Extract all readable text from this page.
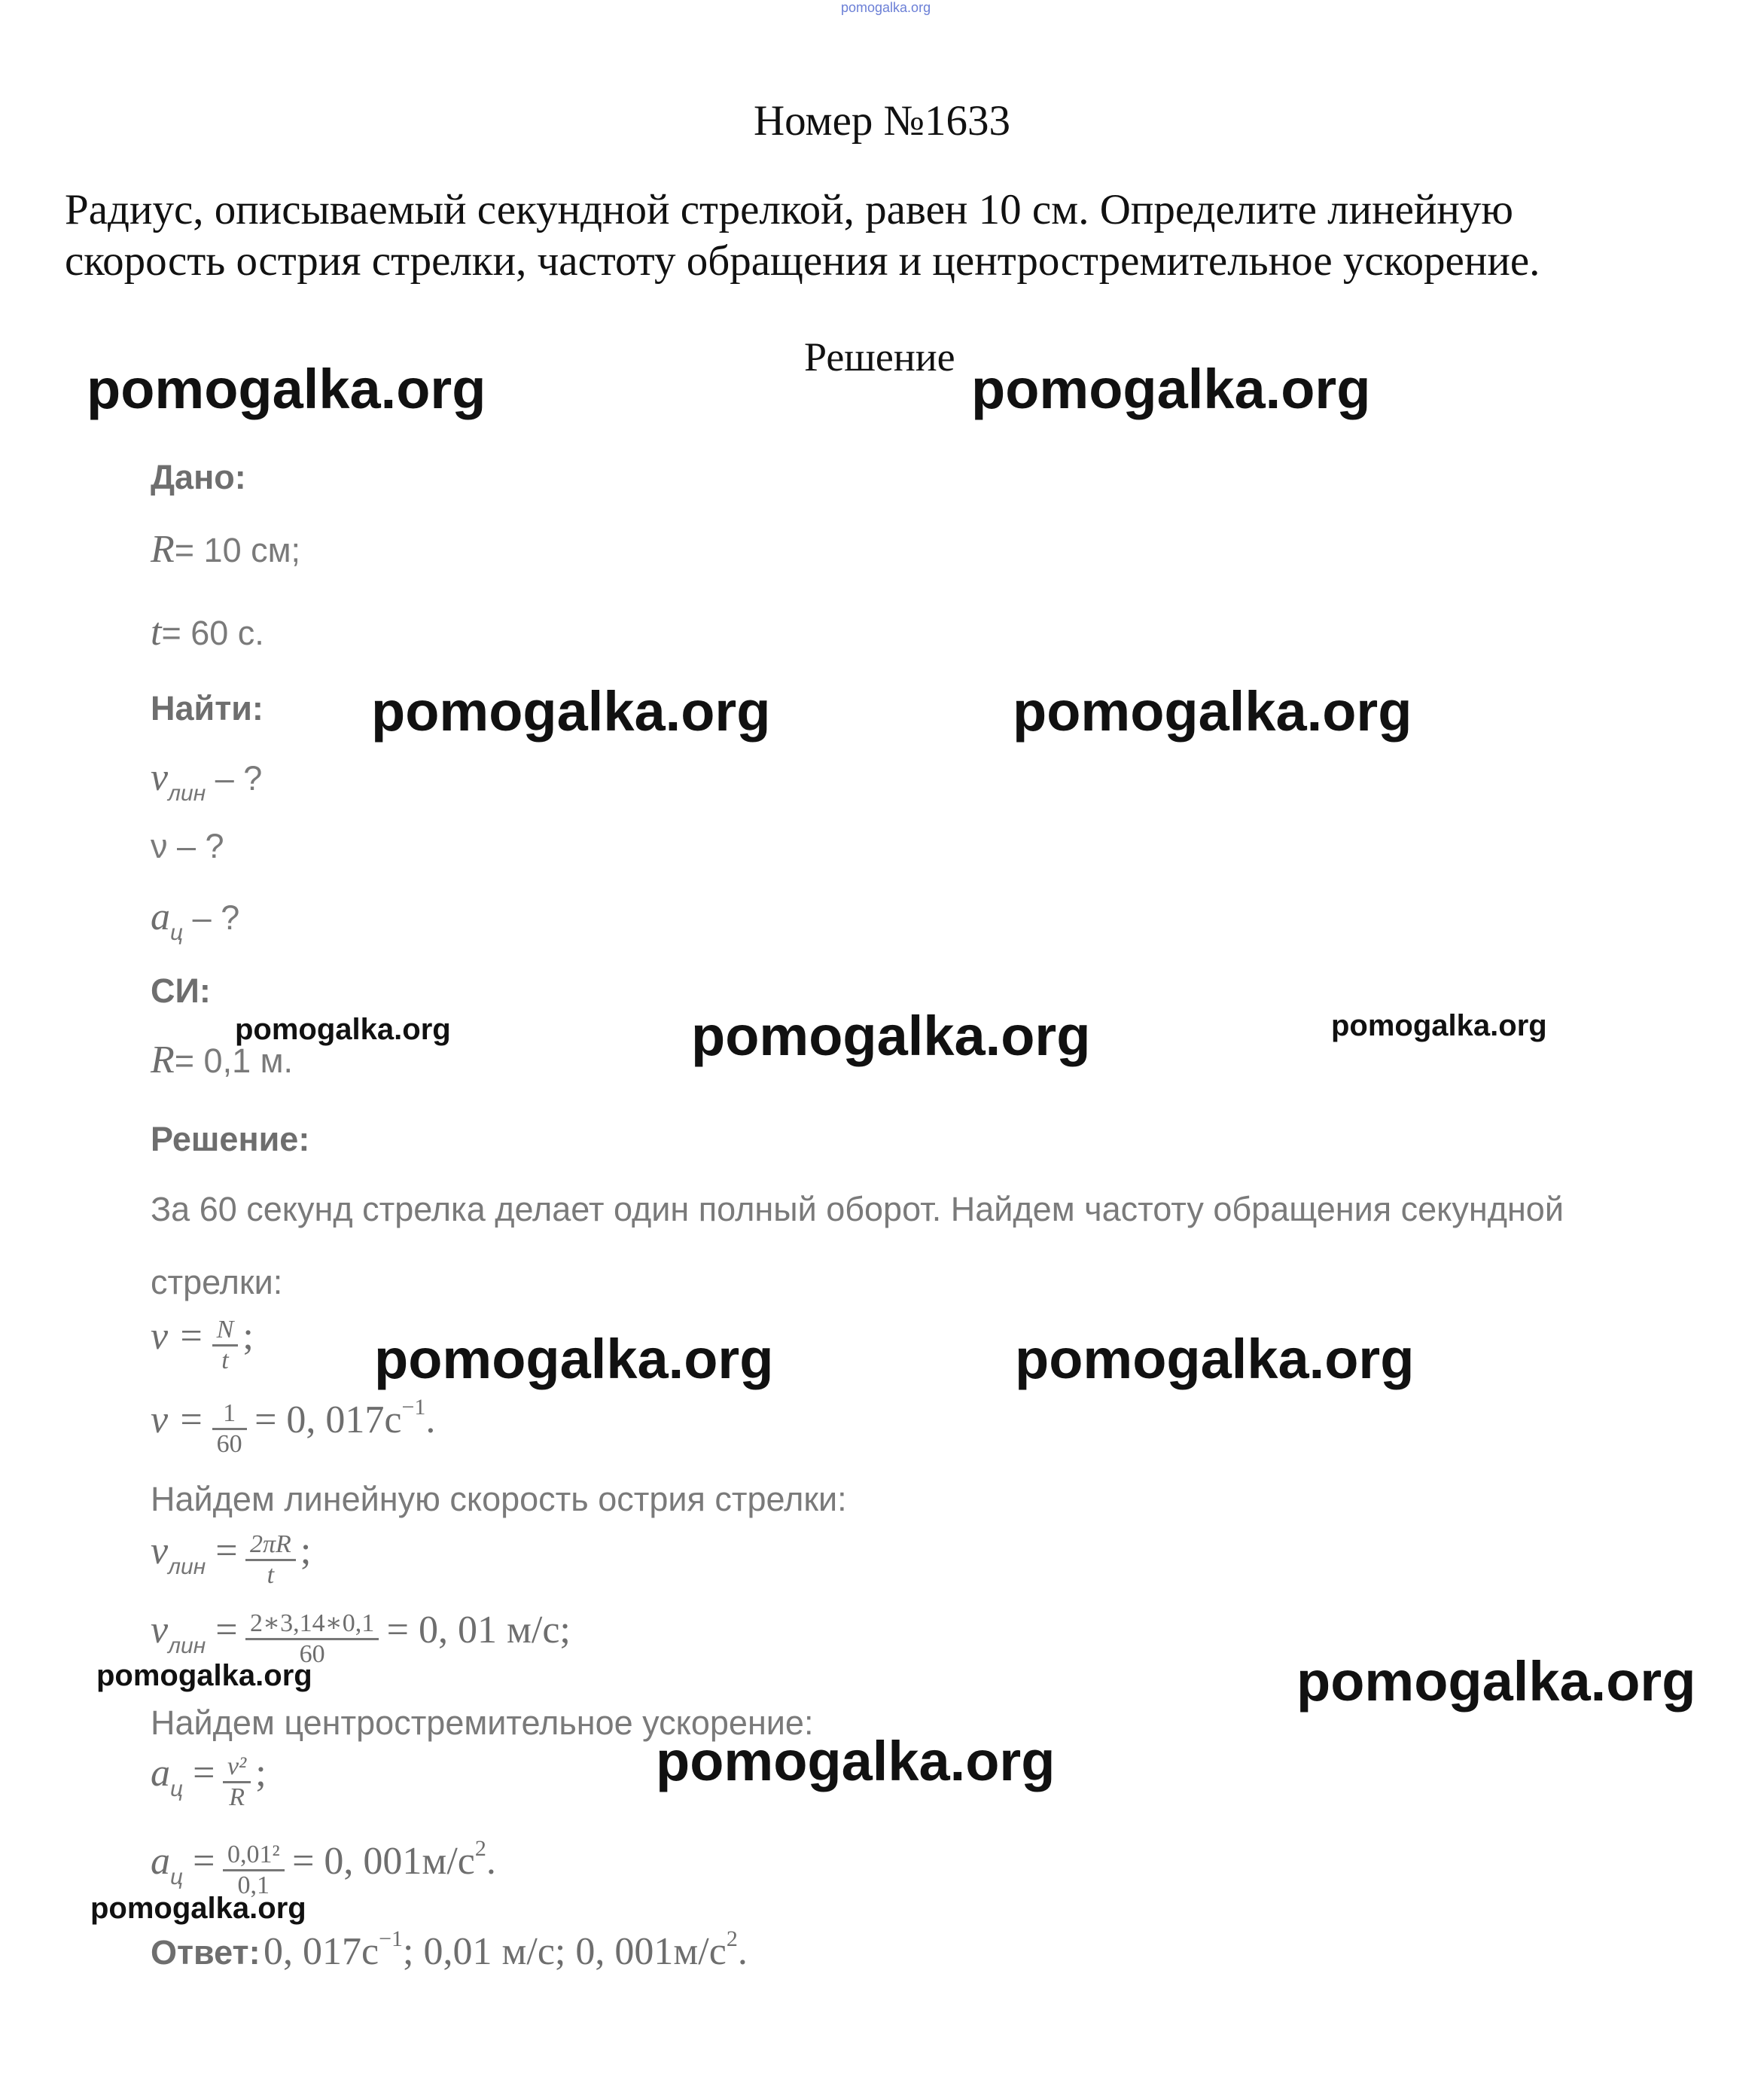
pomogalka.org
Номер №1633
Радиус, описываемый секундной стрелкой, равен 10 см. Определите линейную
скорость острия стрелки, частоту обращения и центростремительное ускорение.
Решение
Дано:
R= 10 см;
t= 60 с.
Найти:
vлин – ?
ν – ?
aц – ?
СИ:
R= 0,1 м.
Решение:
За 60 секунд стрелка делает один полный оборот. Найдем частоту обращения секундной
стрелки:
$\nu = \frac{N}{t}$ ;
$\nu = \frac{1}{60} = 0$, 017с−1.
Найдем линейную скорость острия стрелки:
vлин = $\frac{2\pi R}{t}$ ;
vлин = $\frac{2∗3,14∗0,1}{60} = 0$, 01 м/с;
Найдем центростремительное ускорение:
aц = $\frac{\text{v²}}{R}$ ;
aц = $\frac{\text{0,01²}}{0,1} = 0$, 001м/с2.
Ответ: 0, 017с−1; 0,01 м/с; 0, 001м/с2.
pomogalka.org	pomogalka.org
pomogalka.org	pomogalka.org
pomogalka.org	pomogalka.org	pomogalka.org
pomogalka.org	pomogalka.org
pomogalka.org	pomogalka.org
pomogalka.org
pomogalka.org
